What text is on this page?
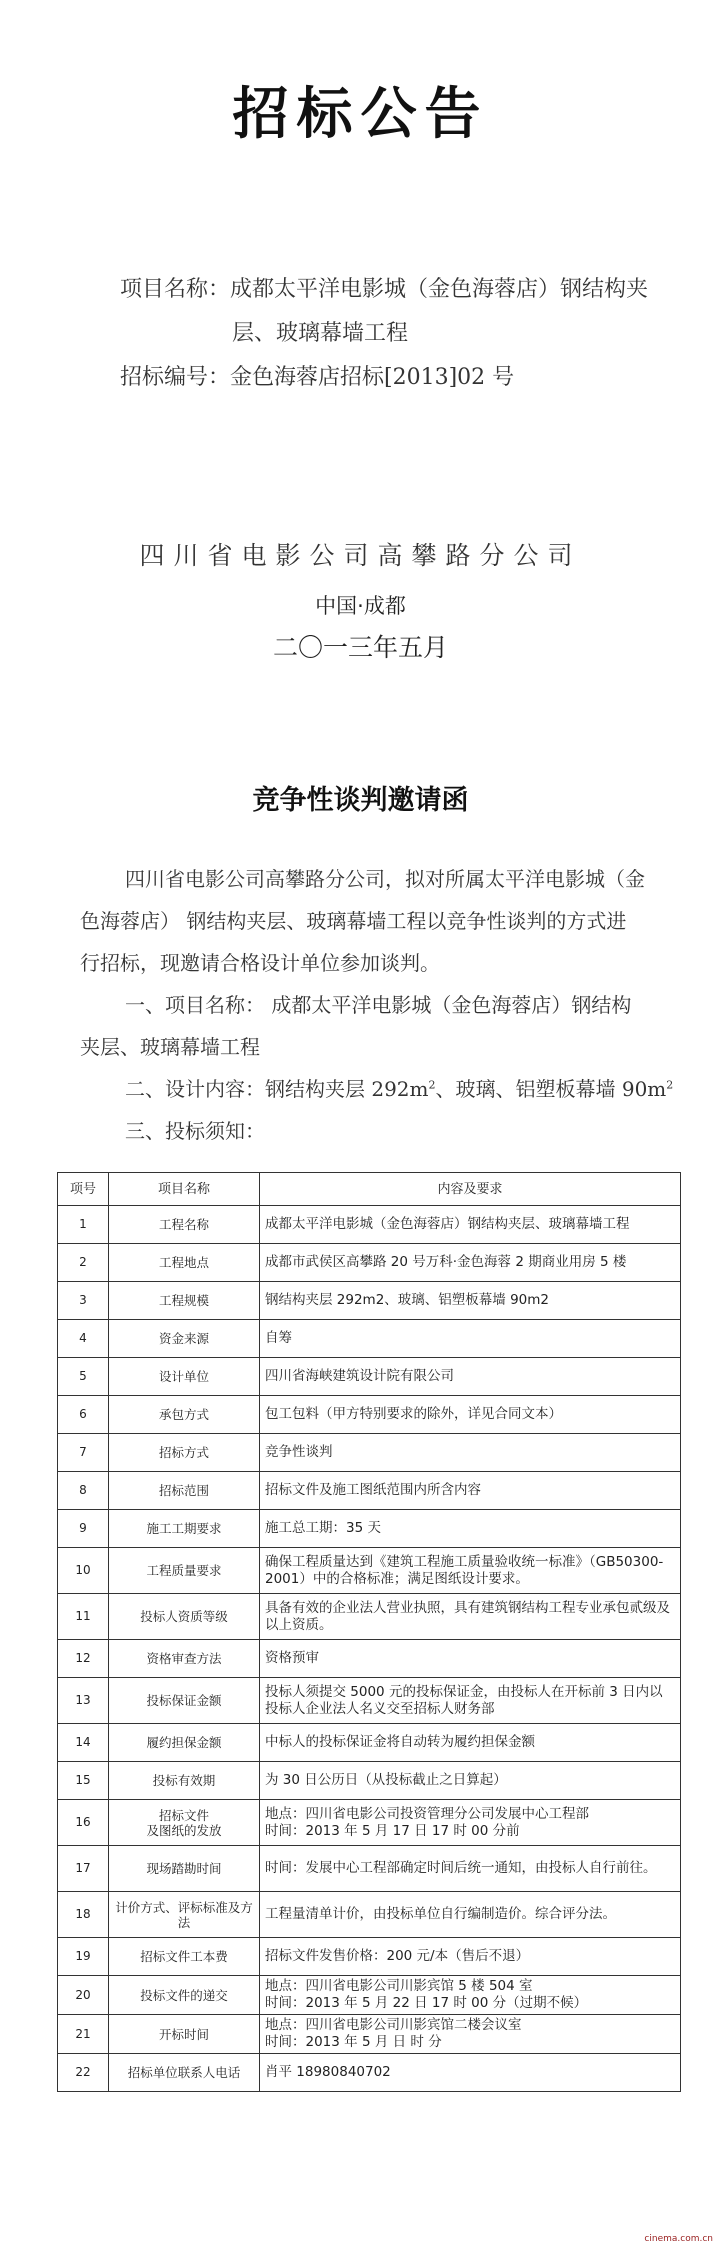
招标公告
项目名称：成都太平洋电影城（金色海蓉店）钢结构夹
层、玻璃幕墙工程
招标编号：金色海蓉店招标[2013]02 号
四川省电影公司高攀路分公司
中国·成都
二〇一三年五月
竞争性谈判邀请函
四川省电影公司高攀路分公司，拟对所属太平洋电影城（金
色海蓉店） 钢结构夹层、玻璃幕墙工程以竞争性谈判的方式进
行招标，现邀请合格设计单位参加谈判。
一、项目名称： 成都太平洋电影城（金色海蓉店）钢结构
夹层、玻璃幕墙工程
二、设计内容：钢结构夹层 $292m^2$、玻璃、铝塑板幕墙 $90m^2$
三、投标须知：
项号	项目名称	内容及要求
1	工程名称	成都太平洋电影城（金色海蓉店）钢结构夹层、玻璃幕墙工程
2	工程地点	成都市武侯区高攀路 20 号万科·金色海蓉 2 期商业用房 5 楼
3	工程规模	钢结构夹层 292m2、玻璃、铝塑板幕墙 90m2
4	资金来源	自筹
5	设计单位	四川省海峡建筑设计院有限公司
6	承包方式	包工包料（甲方特别要求的除外，详见合同文本）
7	招标方式	竞争性谈判
8	招标范围	招标文件及施工图纸范围内所含内容
9	施工工期要求	施工总工期：35 天
10	工程质量要求	确保工程质量达到《建筑工程施工质量验收统一标准》（GB50300-2001）中的合格标准；满足图纸设计要求。
11	投标人资质等级	具备有效的企业法人营业执照，具有建筑钢结构工程专业承包贰级及以上资质。
12	资格审查方法	资格预审
13	投标保证金额	投标人须提交 5000 元的投标保证金，由投标人在开标前 3 日内以投标人企业法人名义交至招标人财务部
14	履约担保金额	中标人的投标保证金将自动转为履约担保金额
15	投标有效期	为 30 日公历日（从投标截止之日算起）
16	招标文件
及图纸的发放	地点：四川省电影公司投资管理分公司发展中心工程部
时间：2013 年 5 月 17 日 17 时 00 分前
17	现场踏勘时间	时间：发展中心工程部确定时间后统一通知，由投标人自行前往。
18	计价方式、评标标准及方法	工程量清单计价，由投标单位自行编制造价。综合评分法。
19	招标文件工本费	招标文件发售价格：200 元/本（售后不退）
20	投标文件的递交	地点：四川省电影公司川影宾馆 5 楼 504 室
时间：2013 年 5 月 22 日 17 时 00 分（过期不候）
21	开标时间	地点：四川省电影公司川影宾馆二楼会议室
时间：2013 年 5 月 日 时 分
22	招标单位联系人电话	肖平 18980840702
cinema.com.cn
